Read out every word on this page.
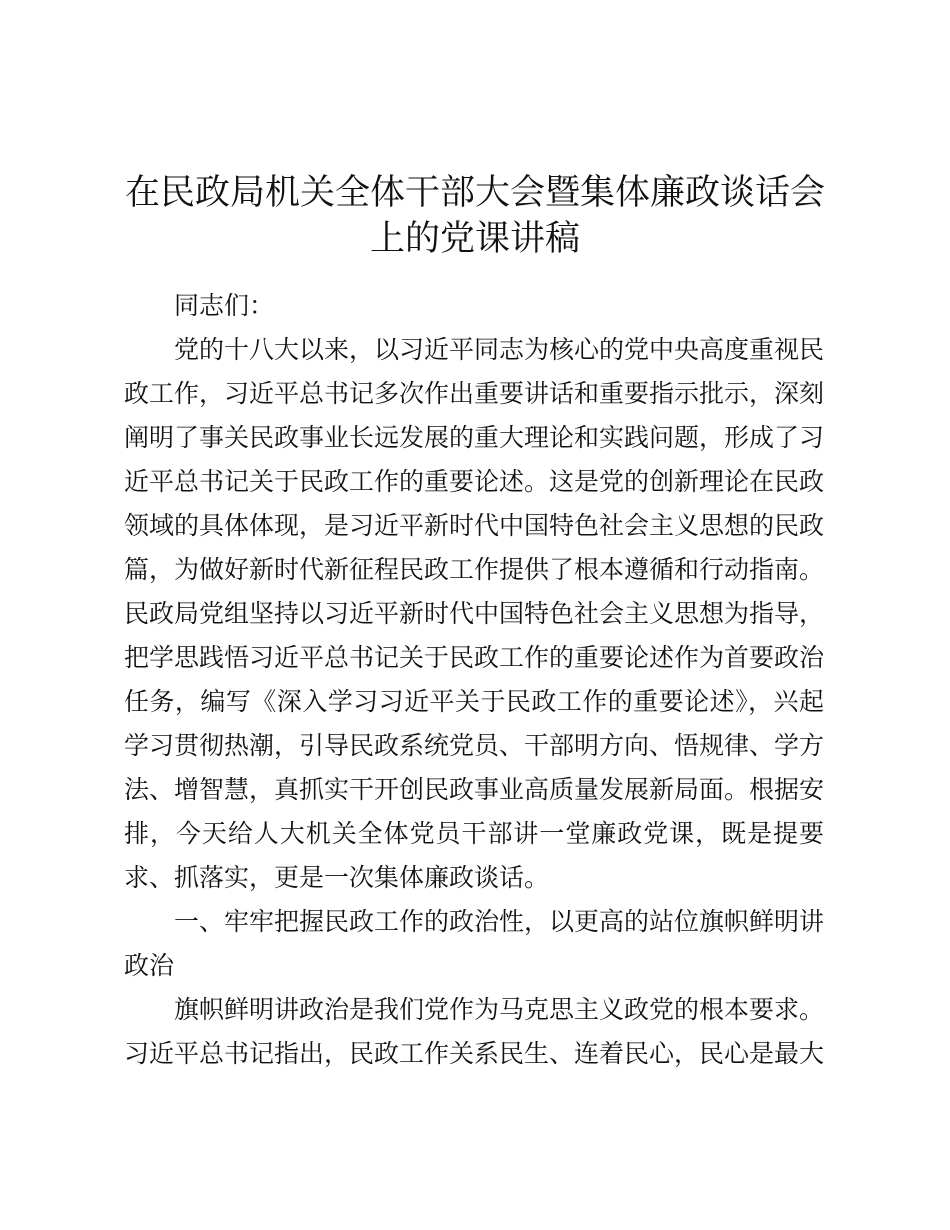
在民政局机关全体干部大会暨集体廉政谈话会
上的党课讲稿

同志们：

党的十八大以来，以习近平同志为核心的党中央高度重视民政工作，习近平总书记多次作出重要讲话和重要指示批示，深刻阐明了事关民政事业长远发展的重大理论和实践问题，形成了习近平总书记关于民政工作的重要论述。这是党的创新理论在民政领域的具体体现，是习近平新时代中国特色社会主义思想的民政篇，为做好新时代新征程民政工作提供了根本遵循和行动指南。民政局党组坚持以习近平新时代中国特色社会主义思想为指导，把学思践悟习近平总书记关于民政工作的重要论述作为首要政治任务，编写《深入学习习近平关于民政工作的重要论述》，兴起学习贯彻热潮，引导民政系统党员、干部明方向、悟规律、学方法、增智慧，真抓实干开创民政事业高质量发展新局面。根据安排，今天给人大机关全体党员干部讲一堂廉政党课，既是提要求、抓落实，更是一次集体廉政谈话。

一、牢牢把握民政工作的政治性，以更高的站位旗帜鲜明讲政治

旗帜鲜明讲政治是我们党作为马克思主义政党的根本要求。习近平总书记指出，民政工作关系民生、连着民心，民心是最大
